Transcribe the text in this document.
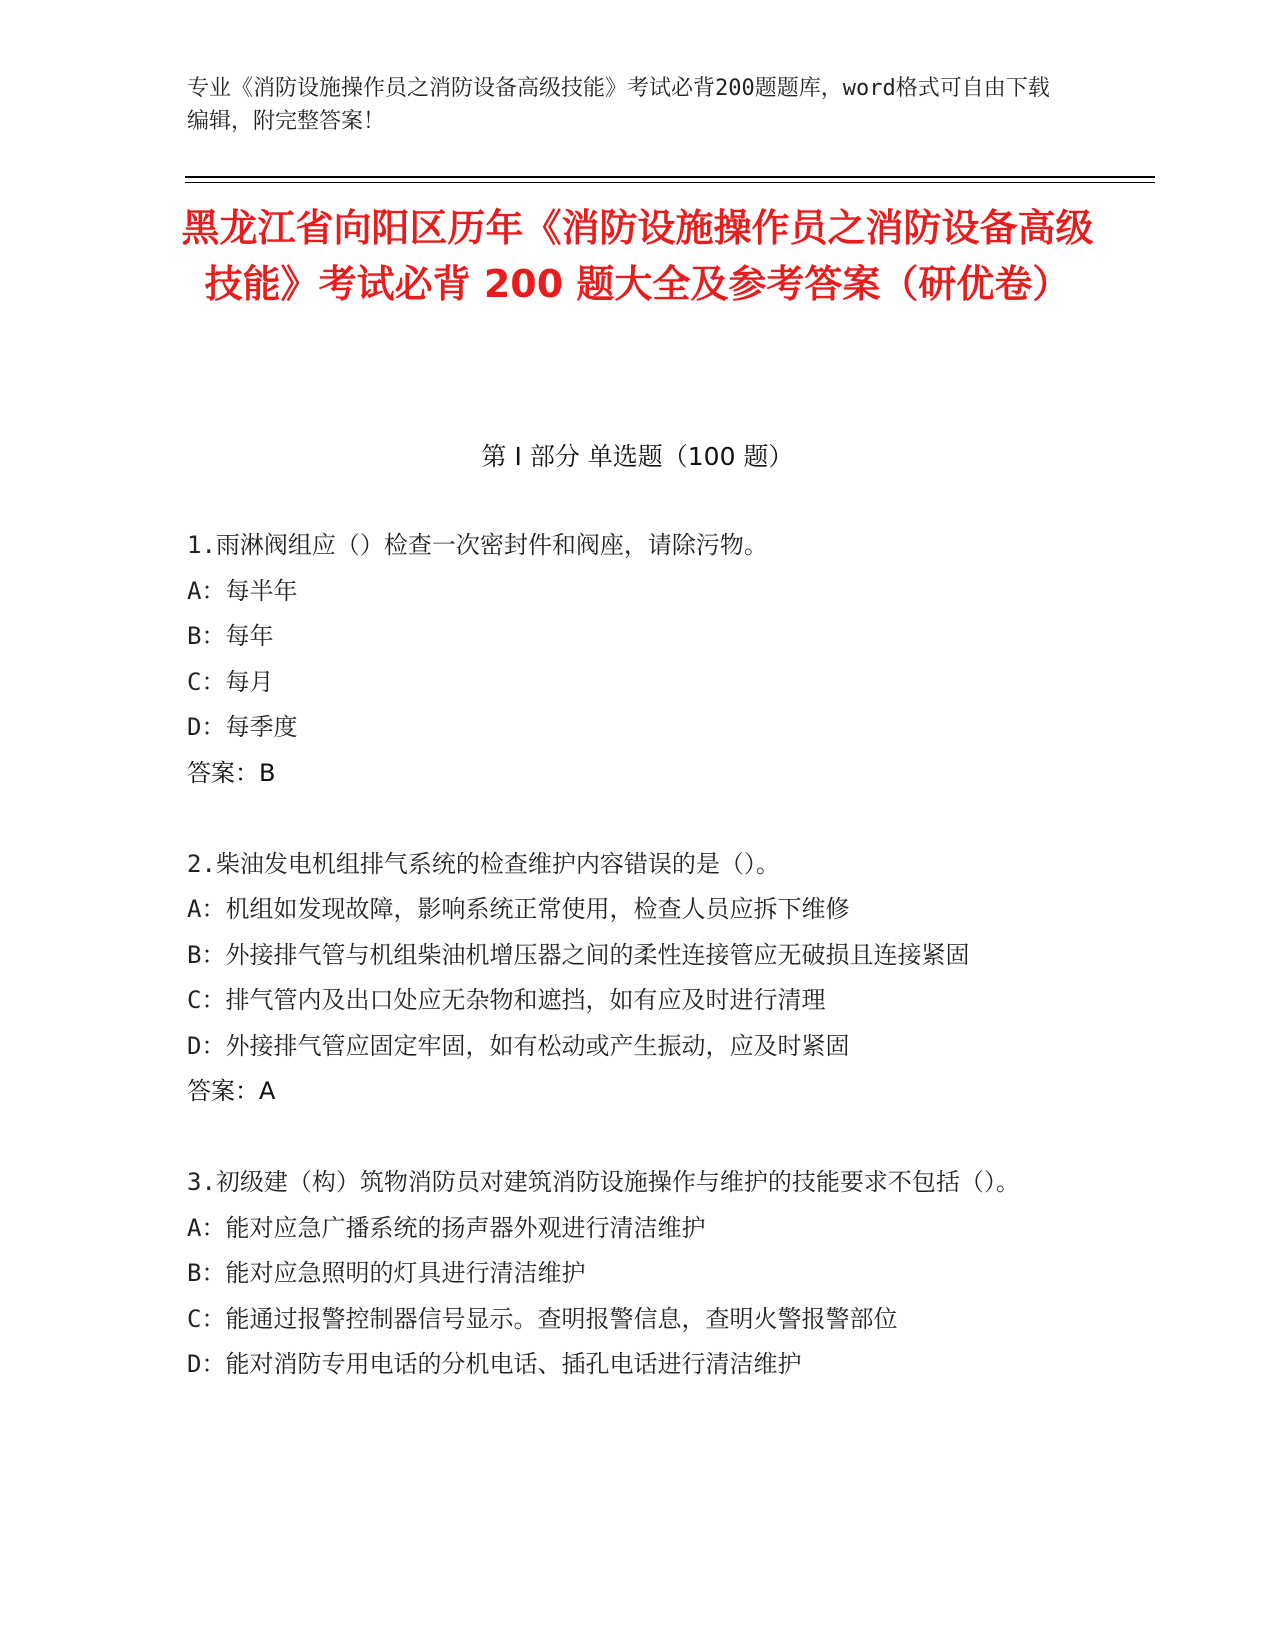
专业《消防设施操作员之消防设备高级技能》考试必背200题题库，word格式可自由下载编辑，附完整答案！
黑龙江省向阳区历年《消防设施操作员之消防设备高级技能》考试必背 200 题大全及参考答案（研优卷）
第 I 部分 单选题（100 题）
1.雨淋阀组应（）检查一次密封件和阀座，请除污物。
A：每半年
B：每年
C：每月
D：每季度
答案：B
2.柴油发电机组排气系统的检查维护内容错误的是（）。
A：机组如发现故障，影响系统正常使用，检查人员应拆下维修
B：外接排气管与机组柴油机增压器之间的柔性连接管应无破损且连接紧固
C：排气管内及出口处应无杂物和遮挡，如有应及时进行清理
D：外接排气管应固定牢固，如有松动或产生振动，应及时紧固
答案：A
3.初级建（构）筑物消防员对建筑消防设施操作与维护的技能要求不包括（）。
A：能对应急广播系统的扬声器外观进行清洁维护
B：能对应急照明的灯具进行清洁维护
C：能通过报警控制器信号显示。查明报警信息，查明火警报警部位
D：能对消防专用电话的分机电话、插孔电话进行清洁维护
